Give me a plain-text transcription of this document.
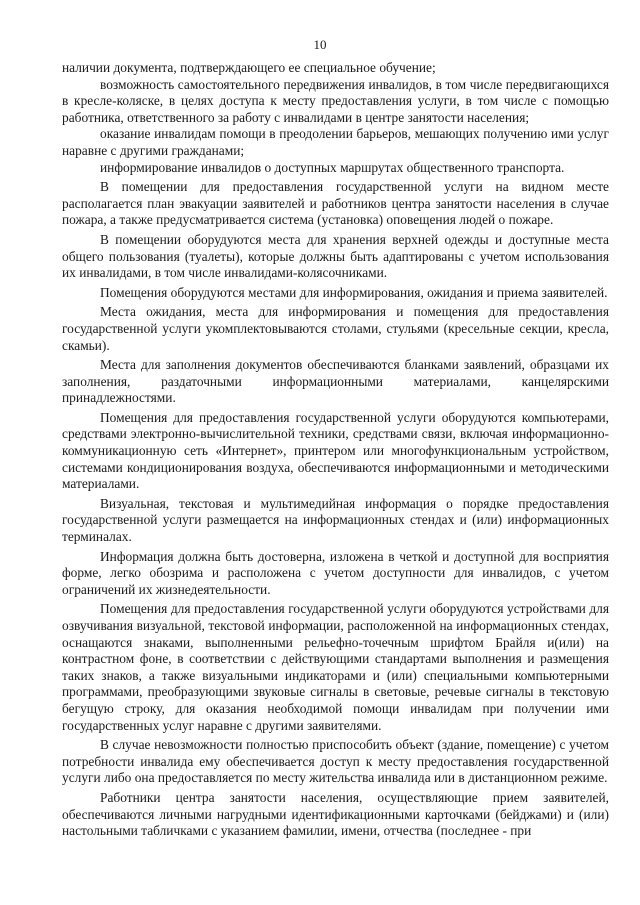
10

наличии документа, подтверждающего ее специальное обучение;

возможность самостоятельного передвижения инвалидов, в том числе передвигающихся в кресле-коляске, в целях доступа к месту предоставления услуги, в том числе с помощью работника, ответственного за работу с инвалидами в центре занятости населения;

оказание инвалидам помощи в преодолении барьеров, мешающих получению ими услуг наравне с другими гражданами;

информирование инвалидов о доступных маршрутах общественного транспорта.

В помещении для предоставления государственной услуги на видном месте располагается план эвакуации заявителей и работников центра занятости населения в случае пожара, а также предусматривается система (установка) оповещения людей о пожаре.

В помещении оборудуются места для хранения верхней одежды и доступные места общего пользования (туалеты), которые должны быть адаптированы с учетом использования их инвалидами, в том числе инвалидами-колясочниками.

Помещения оборудуются местами для информирования, ожидания и приема заявителей.

Места ожидания, места для информирования и помещения для предоставления государственной услуги укомплектовываются столами, стульями (кресельные секции, кресла, скамьи).

Места для заполнения документов обеспечиваются бланками заявлений, образцами их заполнения, раздаточными информационными материалами, канцелярскими принадлежностями.

Помещения для предоставления государственной услуги оборудуются компьютерами, средствами электронно-вычислительной техники, средствами связи, включая информационно-коммуникационную сеть «Интернет», принтером или многофункциональным устройством, системами кондиционирования воздуха, обеспечиваются информационными и методическими материалами.

Визуальная, текстовая и мультимедийная информация о порядке предоставления государственной услуги размещается на информационных стендах и (или) информационных терминалах.

Информация должна быть достоверна, изложена в четкой и доступной для восприятия форме, легко обозрима и расположена с учетом доступности для инвалидов, с учетом ограничений их жизнедеятельности.

Помещения для предоставления государственной услуги оборудуются устройствами для озвучивания визуальной, текстовой информации, расположенной на информационных стендах, оснащаются знаками, выполненными рельефно-точечным шрифтом Брайля и(или) на контрастном фоне, в соответствии с действующими стандартами выполнения и размещения таких знаков, а также визуальными индикаторами и (или) специальными компьютерными программами, преобразующими звуковые сигналы в световые, речевые сигналы в текстовую бегущую строку, для оказания необходимой помощи инвалидам при получении ими государственных услуг наравне с другими заявителями.

В случае невозможности полностью приспособить объект (здание, помещение) с учетом потребности инвалида ему обеспечивается доступ к месту предоставления государственной услуги либо она предоставляется по месту жительства инвалида или в дистанционном режиме.

Работники центра занятости населения, осуществляющие прием заявителей, обеспечиваются личными нагрудными идентификационными карточками (бейджами) и (или) настольными табличками с указанием фамилии, имени, отчества (последнее - при
